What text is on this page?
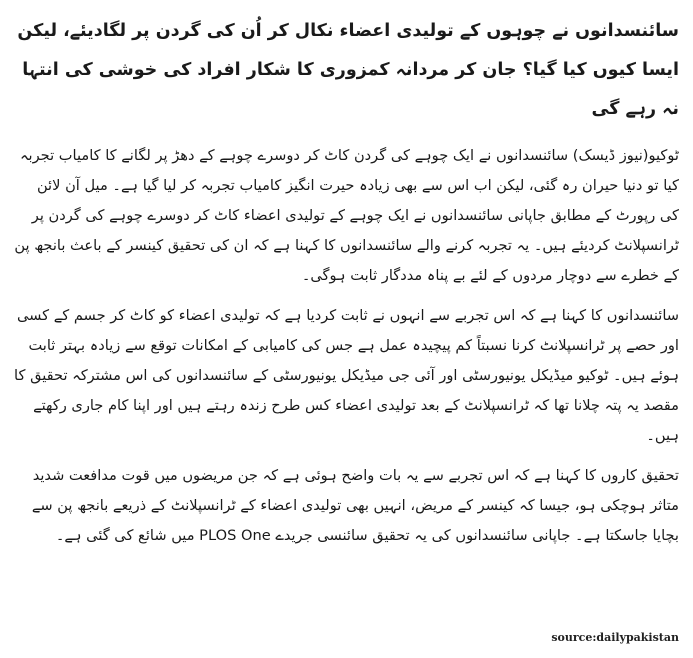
سائنسدانوں نے چوہوں کے تولیدی اعضاء نکال کر اُن کی گردن پر لگادیئے، لیکن ایسا کیوں کیا گیا؟ جان کر مردانہ کمزوری کا شکار افراد کی خوشی کی انتہا نہ رہے گی

ٹوکیو(نیوز ڈیسک) سائنسدانوں نے ایک چوہے کی گردن کاٹ کر دوسرے چوہے کے دھڑ پر لگانے کا کامیاب تجربہ کیا تو دنیا حیران رہ گئی، لیکن اب اس سے بھی زیادہ حیرت انگیز کامیاب تجربہ کر لیا گیا ہے۔ میل آن لائن کی رپورٹ کے مطابق جاپانی سائنسدانوں نے ایک چوہے کے تولیدی اعضاء کاٹ کر دوسرے چوہے کی گردن پر ٹرانسپلانٹ کردیئے ہیں۔ یہ تجربہ کرنے والے سائنسدانوں کا کہنا ہے کہ ان کی تحقیق کینسر کے باعث بانجھ پن کے خطرے سے دوچار مردوں کے لئے بے پناہ مددگار ثابت ہوگی۔

سائنسدانوں کا کہنا ہے کہ اس تجربے سے انہوں نے ثابت کردیا ہے کہ تولیدی اعضاء کو کاٹ کر جسم کے کسی اور حصے پر ٹرانسپلانٹ کرنا نسبتاً کم پیچیدہ عمل ہے جس کی کامیابی کے امکانات توقع سے زیادہ بہتر ثابت ہوئے ہیں۔ ٹوکیو میڈیکل یونیورسٹی اور آئی جی میڈیکل یونیورسٹی کے سائنسدانوں کی اس مشترکہ تحقیق کا مقصد یہ پتہ چلانا تھا کہ ٹرانسپلانٹ کے بعد تولیدی اعضاء کس طرح زندہ رہتے ہیں اور اپنا کام جاری رکھتے ہیں۔

تحقیق کاروں کا کہنا ہے کہ اس تجربے سے یہ بات واضح ہوئی ہے کہ جن مریضوں میں قوت مدافعت شدید متاثر ہوچکی ہو، جیسا کہ کینسر کے مریض، انہیں بھی تولیدی اعضاء کے ٹرانسپلانٹ کے ذریعے بانجھ پن سے بچایا جاسکتا ہے۔ جاپانی سائنسدانوں کی یہ تحقیق سائنسی جریدے PLOS One میں شائع کی گئی ہے۔

source:dailypakistan
